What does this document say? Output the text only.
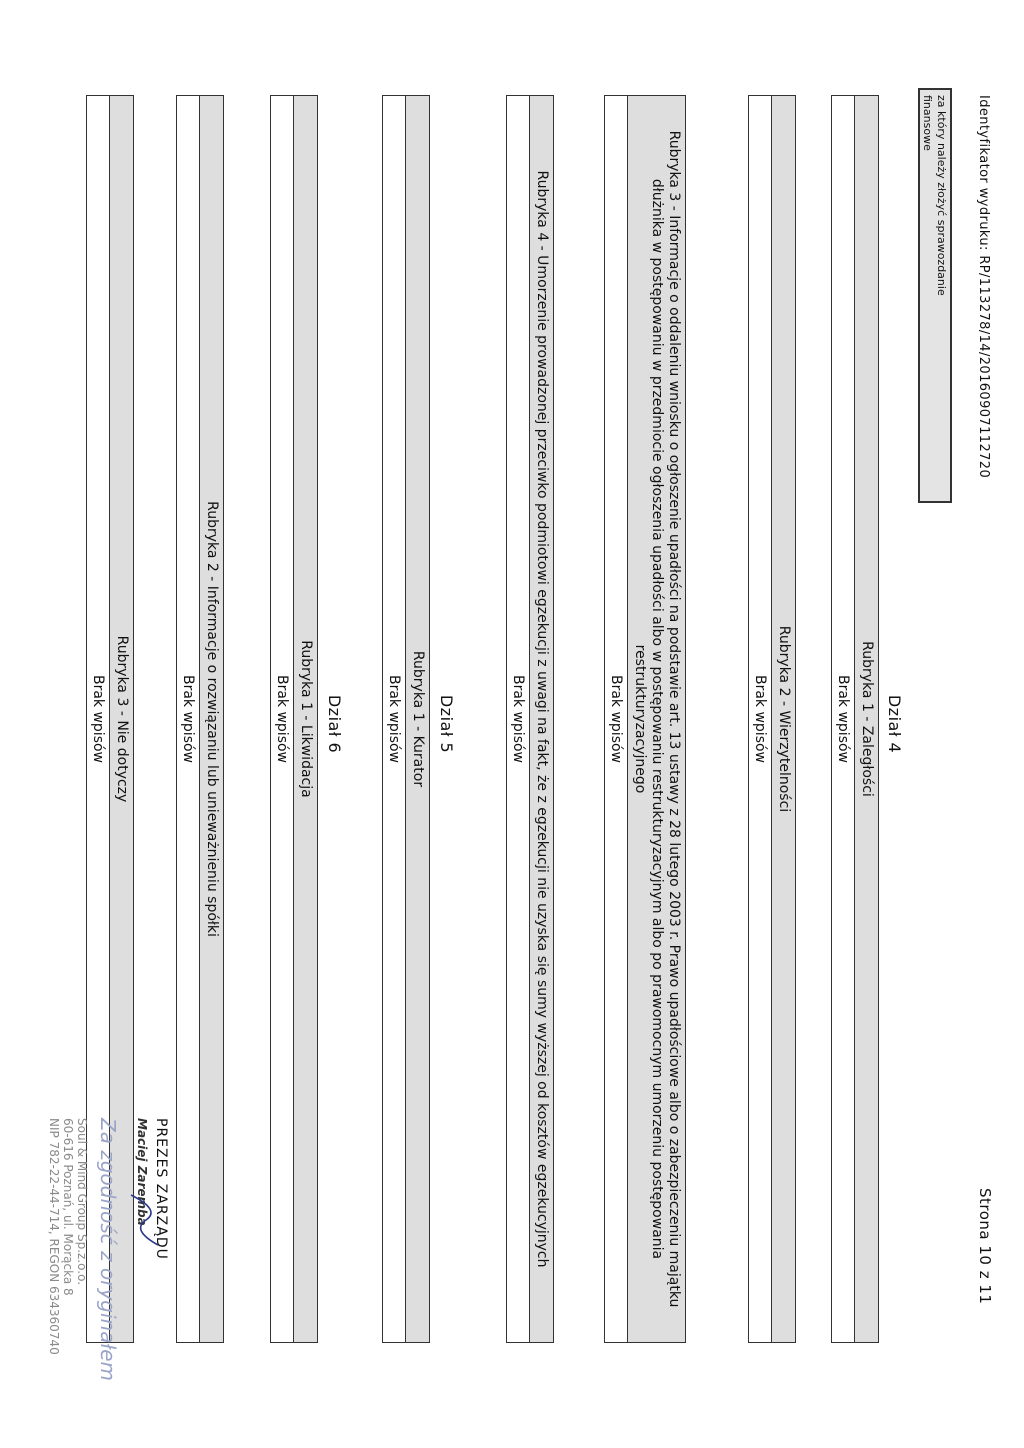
Identyfikator wydruku: RP/113278/14/20160907112720
Strona 10 z 11
za który należy złożyć sprawozdanie
finansowe
Dział 4
Rubryka 1 - Zaległości
Brak wpisów
Rubryka 2 - Wierzytelności
Brak wpisów
Rubryka 3 - Informacje o oddaleniu wniosku o ogłoszenie upadłości na podstawie art. 13 ustawy z 28 lutego 2003 r. Prawo upadłościowe albo o zabezpieczeniu majątku dłużnika w postępowaniu w przedmiocie ogłoszenia upadłości albo w postępowaniu restrukturyzacyjnym albo po prawomocnym umorzeniu postępowania restrukturyzacyjnego
Brak wpisów
Rubryka 4 - Umorzenie prowadzonej przeciwko podmiotowi egzekucji z uwagi na fakt, że z egzekucji nie uzyska się sumy wyższej od kosztów egzekucyjnych
Brak wpisów
Dział 5
Rubryka 1 - Kurator
Brak wpisów
Dział 6
Rubryka 1 - Likwidacja
Brak wpisów
Rubryka 2 - Informacje o rozwiązaniu lub unieważnieniu spółki
Brak wpisów
Rubryka 3 - Nie dotyczy
Brak wpisów
PREZES ZARZĄDU
Maciej Zaremba
Za zgodność z oryginałem
Soul & Mind Group Sp.z.o.o.
60-616 Poznań, ul. Morącka 8
NIP 782-22-44-714, REGON 634360740
